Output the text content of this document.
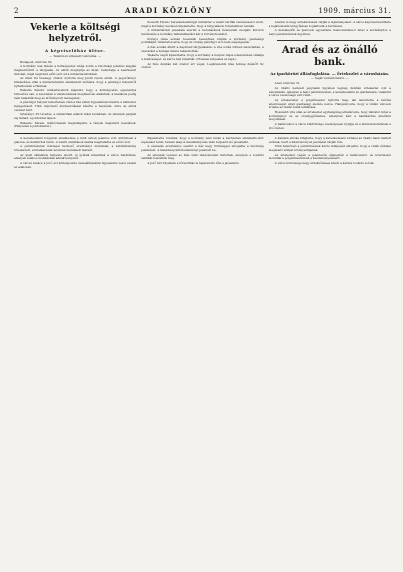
2	ARADI KÖZLÖNY	1909. március 31.
Vekerle a költségi helyzetről.
A képviselőház ülése.
— Telefonon érkezett tudósítás. —

Budapest, március 30.

A kormány mai ülésén a költségvetés vitája során a bizottsági jelentés alapján megkezdődött a tárgyalás. Az elnök megnyitja az ülést, bemutatja a beérkezett iratokat, majd napirend előtt szót ad a miniszterelnöknek.

Az ülést fél tizenegy órakor nyitotta meg Justh Gyula elnök. A jegyzőkönyv hitelesítése után a miniszterelnök emelkedett szólásra, hogy a pénzügyi helyzetről nyilatkozzék a Háznak.

Wekerle Sándor miniszterelnök kijelenti, hogy a költségvetés egyensúlya biztosítva van, a bevételek a várakozásnak megfelelően alakultak, a kiadások pedig nem haladták meg az előirányzott összegeket.

A pénzügyi helyzet ismertetése után a ház élénk figyelemmel kísérte a miniszter fejtegetéseit. Több képviselő közbeszólással kísérte a beszédet, mire az elnök csendet kért.

Szterényi: Ez tévedés, a statisztikai adatok mást mutatnak. Az ellenzék padjain zaj támad, a jobboldal tapsol.

Wekerle: Kérem, méltóztassék meghallgatni, a tények magukért beszélnek. (Helyeslés a jobboldalon.)

Kossuth Ferenc kereskedelemügyi miniszter a vasúti tarifák rendezéséről szólt, majd a kormány nevében kijelentette, hogy a tárgyalások folyamatban vannak.

A minisztérium javaslata szerint a beruházások fedezetéül szolgáló kölcsön felvételére a kormány felhatalmazást kér a törvényhozástól.

Polónyi Géza ezután hosszabb beszédben bírálta a kormány gazdasági politikáját, rámutatva arra, hogy az ország pénzügyi erői nem elégségesek.

A ház ezután áttért a napirend tárgyalására. A vita során többen felszólaltak, a szavazást a holnapi ülésre halasztották.

Wekerle végül kijelentette, hogy a kormány a helyzet teljes ismeretében vállalja a felelősséget, és kéri a ház bizalmát. (Hosszas helyeslés és taps.)

Az ülés délután két órakor ért véget. Legközelebbi ülés holnap délelőtt tíz órakor.

Aradon is nagy érdeklődéssel várják a fejleményeket. A város képviselőtestülete a legközelebbi közgyűlésen foglalkozik a kérdéssel.

A kereskedők és iparosok egyesülete memorandumot intéz a kormányhoz a helyi pénzintézetek ügyében.

Arad és az önálló bank.
Az iparkörözi állásfoglalása. — Értekezlet a városházán.
— Saját tudósítónktól. —

Arad, március 31.

Az önálló nemzeti jegybank ügyében tegnap délután értekezlet volt a városházán, amelyen a helyi pénzintézetek, a kereskedelmi és iparkamara, valamint a város vezetősége vett részt.

Az értekezletet a polgármester nyitotta meg, aki ismertette a kérdés jelentőségét Arad gazdasági életére nézve. Hangsúlyozta, hogy a vidéki városok érdeke az önálló bank felállítása.

Hosszabb vita után az értekezlet egyhangúlag elhatározta, hogy feliratot intéz a kormányhoz és az országgyűléshez, amelyben kéri a bankkérdés mielőbbi megoldását.

A határozatot a város küldöttsége személyesen nyújtja át a miniszterelnöknek a jövő héten.

A kereskedelmi forgalom emelkedése a múlt évben jelentős volt, különösen a gabona- és lisztkivitel terén. A vasúti szállítások száma meghaladta az előző évit.

A pénzintézetek mérlegei kedvező eredményt mutatnak, a betétállomány növekedett, a hitelkereslet azonban mérsékelt maradt.

Az ipari vállalatok helyzete javult, új gyárak létesültek a város határában, amelyek számos munkásnak adnak kenyeret.

A városi tanács a jövő évi költségvetés összeállításánál figyelembe veszi ezeket az adatokat.

Kijelentette továbbá, hogy a kormány nem kíván a kérdésben elhamarkodott lépéseket tenni, hanem alapos tanulmányozás után terjeszti elő javaslatát.

A szavazás eredménye szerint a ház nagy többséggel elfogadta a bizottság jelentését. A kisebbség különvéleményt jelentett be.

Az ellenzék vezérei az ülés után tanácskozást tartottak, amelyen a további taktikát beszélték meg.

A jövő hét folyamán a főrendiház is napirendre tűzi a javaslatot.

A kamara elnöke kifejtette, hogy a kereskedelem érdekei az önálló bank mellett szólnak, mert a hitelviszonyok javulását várják tőle.

Több felszólaló a pénzintézetek közös fellépését sürgette, hogy a vidék érdekei megfelelő súllyal érvényesüljenek.

Az értekezlet végén a jelenlevők éljenezték a határozatot, és köszönetet mondtak a polgármesternek a kezdeményezésért.

A város közönsége nagy érdeklődéssel kíséri a kérdés további sorsát.
